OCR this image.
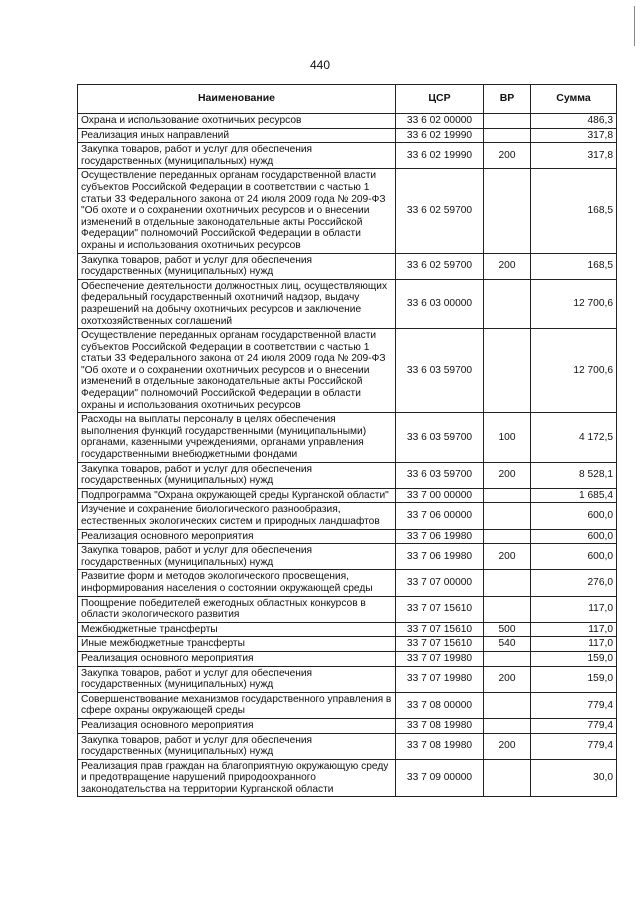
440
Наименование	ЦСР	ВР	Сумма
Охрана и использование охотничьих ресурсов	33 6 02 00000		486,3
Реализация иных направлений	33 6 02 19990		317,8
Закупка товаров, работ и услуг для обеспечения государственных (муниципальных) нужд	33 6 02 19990	200	317,8
Осуществление переданных органам государственной власти субъектов Российской Федерации в соответствии с частью 1 статьи 33 Федерального закона от 24 июля 2009 года № 209-ФЗ "Об охоте и о сохранении охотничьих ресурсов и о внесении изменений в отдельные законодательные акты Российской Федерации" полномочий Российской Федерации в области охраны и использования охотничьих ресурсов	33 6 02 59700		168,5
Закупка товаров, работ и услуг для обеспечения государственных (муниципальных) нужд	33 6 02 59700	200	168,5
Обеспечение деятельности должностных лиц, осуществляющих федеральный государственный охотничий надзор, выдачу разрешений на добычу охотничьих ресурсов и заключение охотхозяйственных соглашений	33 6 03 00000		12 700,6
Осуществление переданных органам государственной власти субъектов Российской Федерации в соответствии с частью 1 статьи 33 Федерального закона от 24 июля 2009 года № 209-ФЗ "Об охоте и о сохранении охотничьих ресурсов и о внесении изменений в отдельные законодательные акты Российской Федерации" полномочий Российской Федерации в области охраны и использования охотничьих ресурсов	33 6 03 59700		12 700,6
Расходы на выплаты персоналу в целях обеспечения выполнения функций государственными (муниципальными) органами, казенными учреждениями, органами управления государственными внебюджетными фондами	33 6 03 59700	100	4 172,5
Закупка товаров, работ и услуг для обеспечения государственных (муниципальных) нужд	33 6 03 59700	200	8 528,1
Подпрограмма "Охрана окружающей среды Курганской области"	33 7 00 00000		1 685,4
Изучение и сохранение биологического разнообразия, естественных экологических систем и природных ландшафтов	33 7 06 00000		600,0
Реализация основного мероприятия	33 7 06 19980		600,0
Закупка товаров, работ и услуг для обеспечения государственных (муниципальных) нужд	33 7 06 19980	200	600,0
Развитие форм и методов экологического просвещения, информирования населения о состоянии окружающей среды	33 7 07 00000		276,0
Поощрение победителей ежегодных областных конкурсов в области экологического развития	33 7 07 15610		117,0
Межбюджетные трансферты	33 7 07 15610	500	117,0
Иные межбюджетные трансферты	33 7 07 15610	540	117,0
Реализация основного мероприятия	33 7 07 19980		159,0
Закупка товаров, работ и услуг для обеспечения государственных (муниципальных) нужд	33 7 07 19980	200	159,0
Совершенствование механизмов государственного управления в сфере охраны окружающей среды	33 7 08 00000		779,4
Реализация основного мероприятия	33 7 08 19980		779,4
Закупка товаров, работ и услуг для обеспечения государственных (муниципальных) нужд	33 7 08 19980	200	779,4
Реализация прав граждан на благоприятную окружающую среду и предотвращение нарушений природоохранного законодательства на территории Курганской области	33 7 09 00000		30,0
